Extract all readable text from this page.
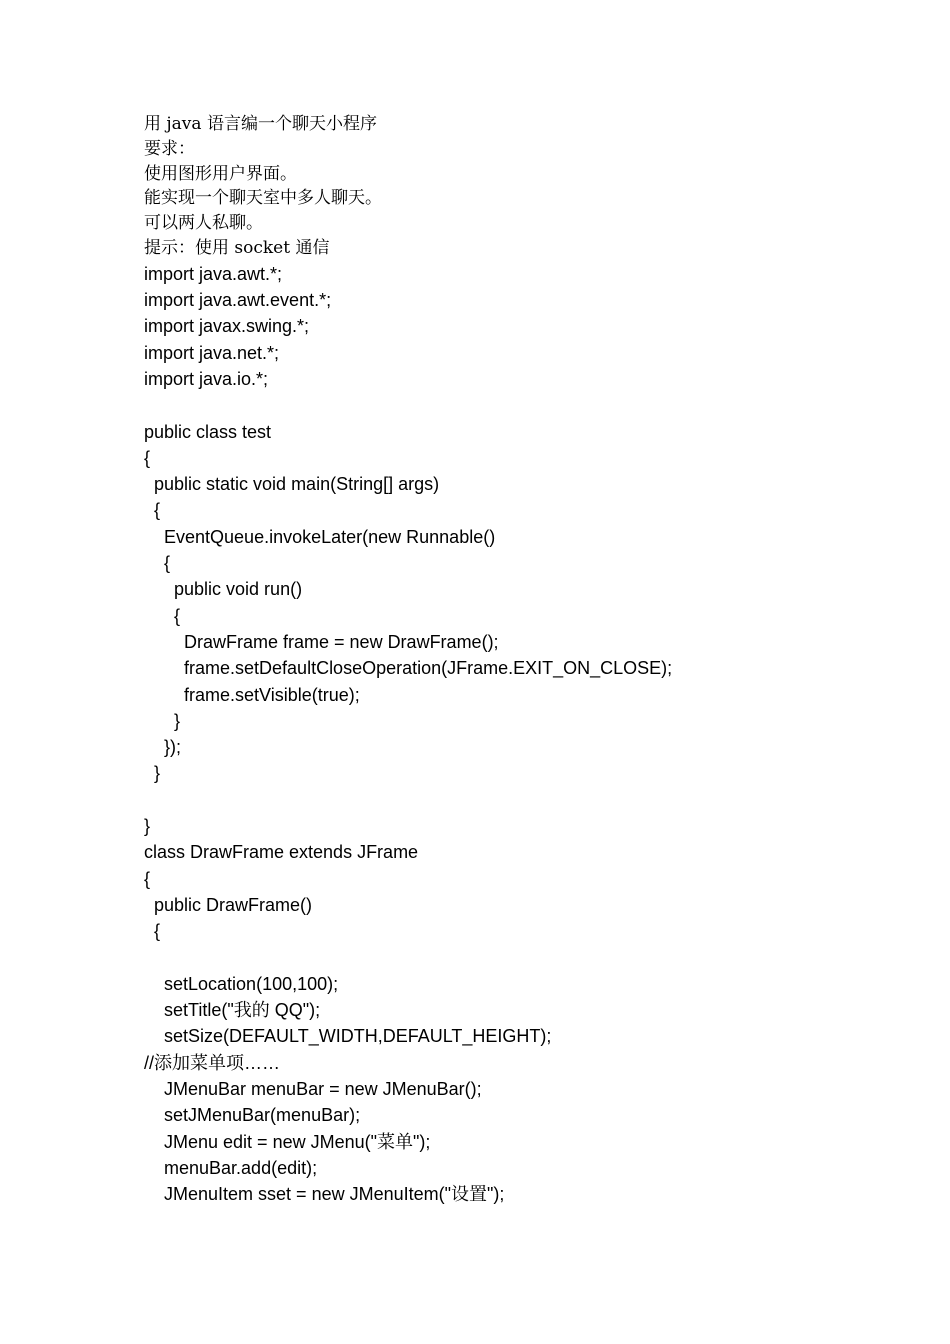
用 java 语言编一个聊天小程序
要求：
使用图形用户界面。
能实现一个聊天室中多人聊天。
可以两人私聊。
提示：使用 socket 通信
import java.awt.*;
import java.awt.event.*;
import javax.swing.*;
import java.net.*;
import java.io.*;
public class test
{
public static void main(String[] args)
{
EventQueue.invokeLater(new Runnable()
{
public void run()
{
DrawFrame frame = new DrawFrame();
frame.setDefaultCloseOperation(JFrame.EXIT_ON_CLOSE);
frame.setVisible(true);
}
});
}
}
class DrawFrame extends JFrame
{
public DrawFrame()
{
setLocation(100,100);
setTitle("我的 QQ");
setSize(DEFAULT_WIDTH,DEFAULT_HEIGHT);
//添加菜单项……
JMenuBar menuBar = new JMenuBar();
setJMenuBar(menuBar);
JMenu edit = new JMenu("菜单");
menuBar.add(edit);
JMenuItem sset = new JMenuItem("设置");
